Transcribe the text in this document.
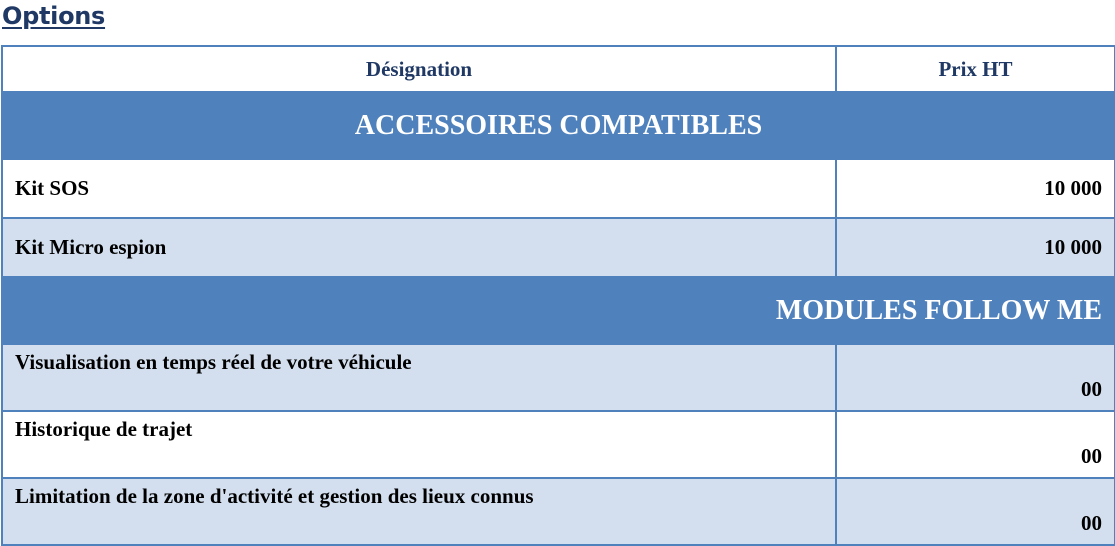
Options
Désignation	Prix HT
ACCESSOIRES COMPATIBLES	
Kit SOS	10 000
Kit Micro espion	10 000
MODULES FOLLOW ME	
Visualisation en temps réel de votre véhicule	00
Historique de trajet	00
Limitation de la zone d'activité et gestion des lieux connus	00
